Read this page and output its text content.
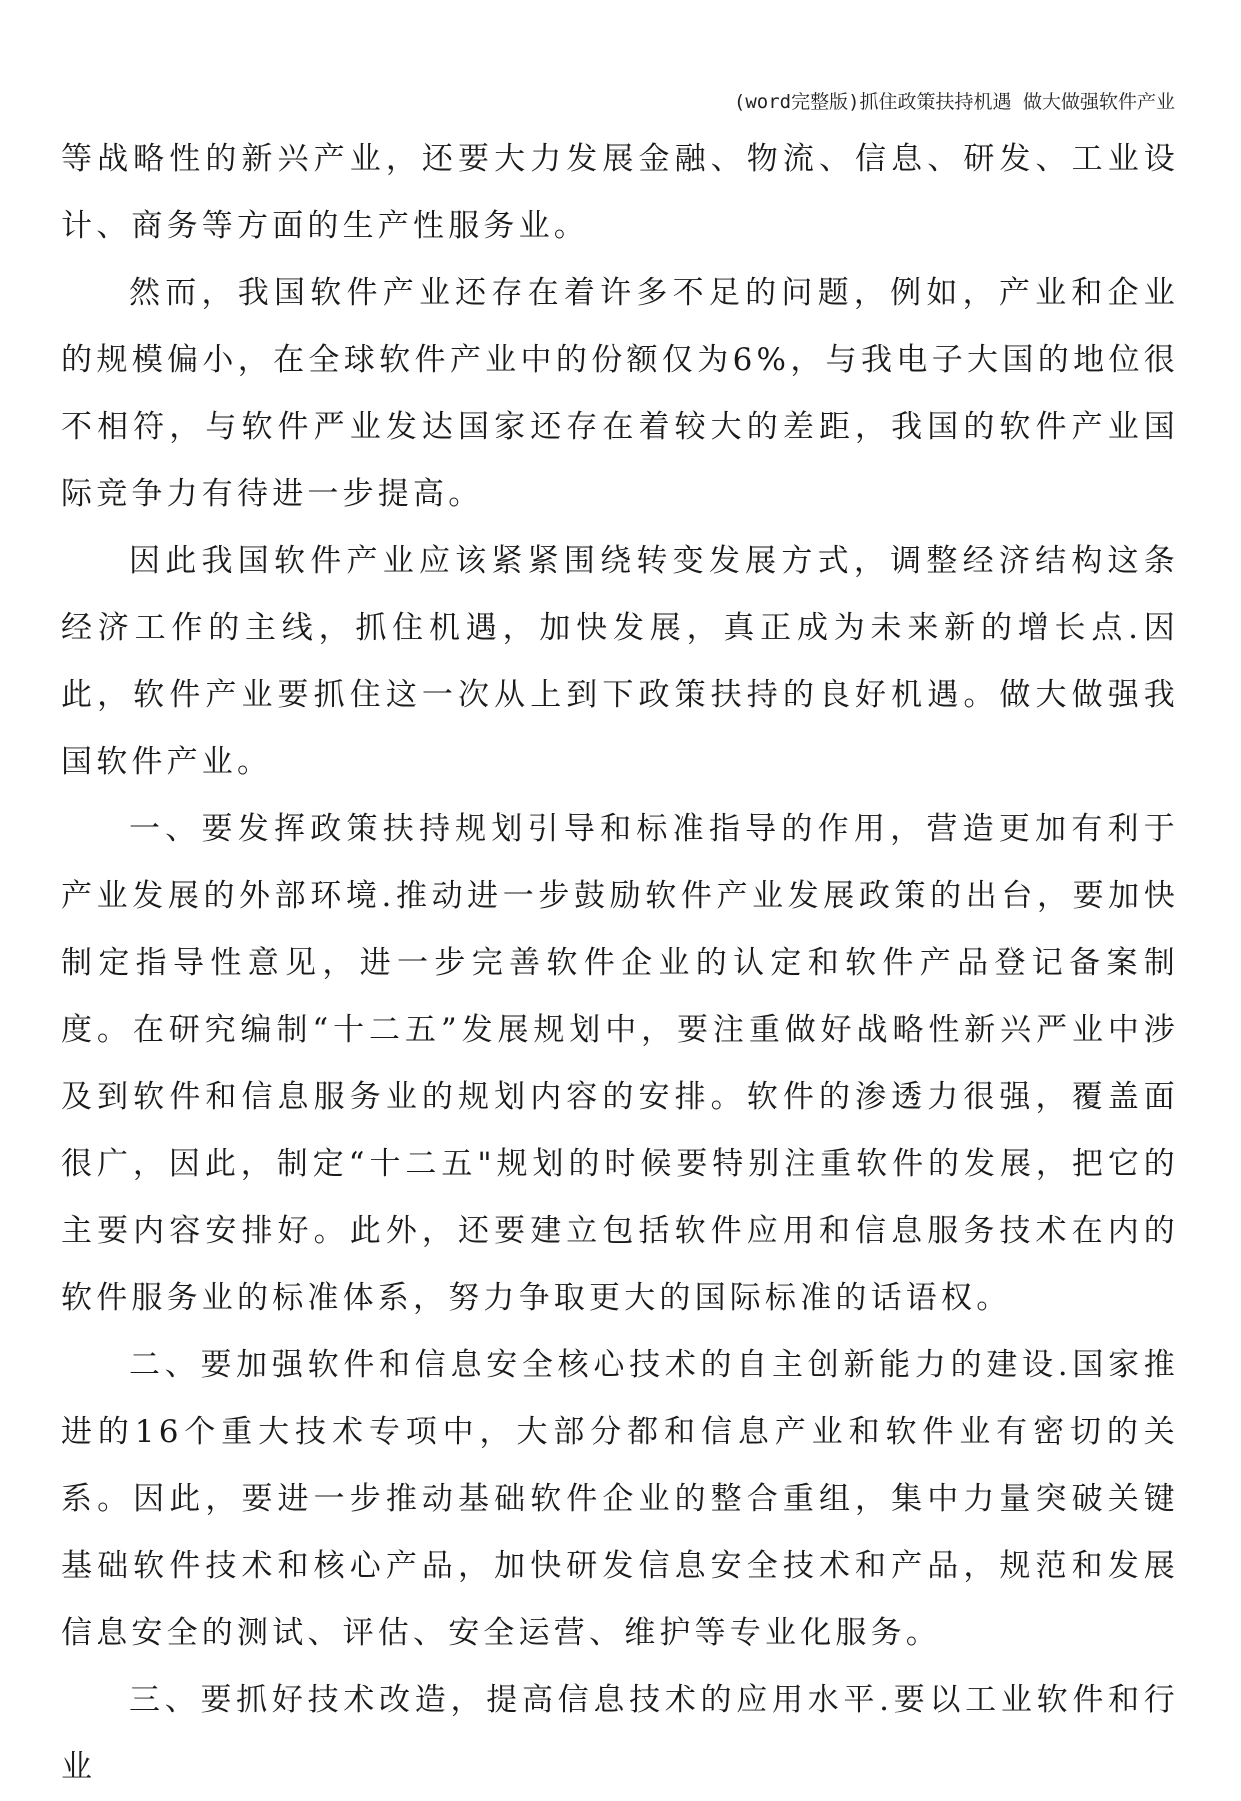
(word完整版)抓住政策扶持机遇 做大做强软件产业

等战略性的新兴产业，还要大力发展金融、物流、信息、研发、工业设计、商务等方面的生产性服务业。

然而，我国软件产业还存在着许多不足的问题，例如，产业和企业的规模偏小，在全球软件产业中的份额仅为6%，与我电子大国的地位很不相符，与软件严业发达国家还存在着较大的差距，我国的软件产业国际竞争力有待进一步提高。

因此我国软件产业应该紧紧围绕转变发展方式，调整经济结构这条经济工作的主线，抓住机遇，加快发展，真正成为未来新的增长点.因此，软件产业要抓住这一次从上到下政策扶持的良好机遇。做大做强我国软件产业。

一、要发挥政策扶持规划引导和标准指导的作用，营造更加有利于产业发展的外部环境.推动进一步鼓励软件产业发展政策的出台，要加快制定指导性意见，进一步完善软件企业的认定和软件产品登记备案制度。在研究编制“十二五”发展规划中，要注重做好战略性新兴严业中涉及到软件和信息服务业的规划内容的安排。软件的渗透力很强，覆盖面很广，因此，制定“十二五"规划的时候要特别注重软件的发展，把它的主要内容安排好。此外，还要建立包括软件应用和信息服务技术在内的软件服务业的标准体系，努力争取更大的国际标准的话语权。

二、要加强软件和信息安全核心技术的自主创新能力的建设.国家推进的16个重大技术专项中，大部分都和信息产业和软件业有密切的关系。因此，要进一步推动基础软件企业的整合重组，集中力量突破关键基础软件技术和核心产品，加快研发信息安全技术和产品，规范和发展信息安全的测试、评估、安全运营、维护等专业化服务。

三、要抓好技术改造，提高信息技术的应用水平.要以工业软件和行业
